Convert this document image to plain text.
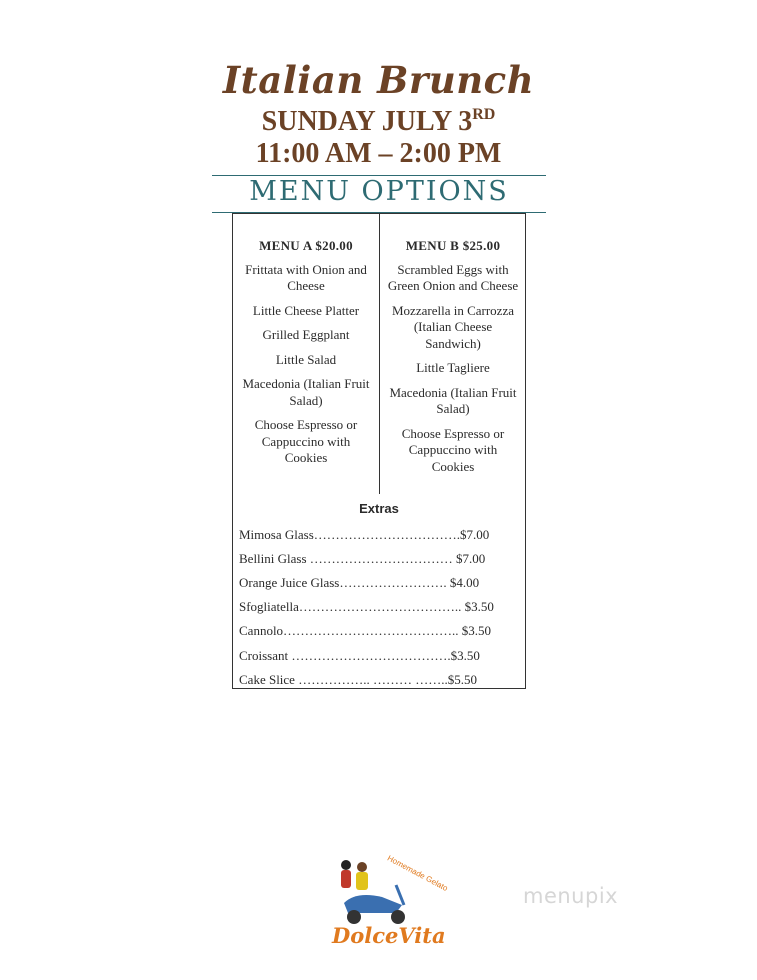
Italian Brunch
SUNDAY JULY 3RD
11:00 AM – 2:00 PM
MENU OPTIONS
MENU A $20.00
Frittata with Onion and Cheese
Little Cheese Platter
Grilled Eggplant
Little Salad
Macedonia (Italian Fruit Salad)
Choose Espresso or Cappuccino with Cookies
MENU B $25.00
Scrambled Eggs with Green Onion and Cheese
Mozzarella in Carrozza (Italian Cheese Sandwich)
Little Tagliere
Macedonia (Italian Fruit Salad)
Choose Espresso or Cappuccino with Cookies
Extras
Mimosa Glass…………………………….$7.00
Bellini Glass …………………………… $7.00
Orange Juice Glass……………………. $4.00
Sfogliatella……………………………….. $3.50
Cannolo………………………………….. $3.50
Croissant ……………………………….$3.50
Cake Slice …………….. ……… ……..$5.50
Homemade Gelato
DolceVita
menupix
